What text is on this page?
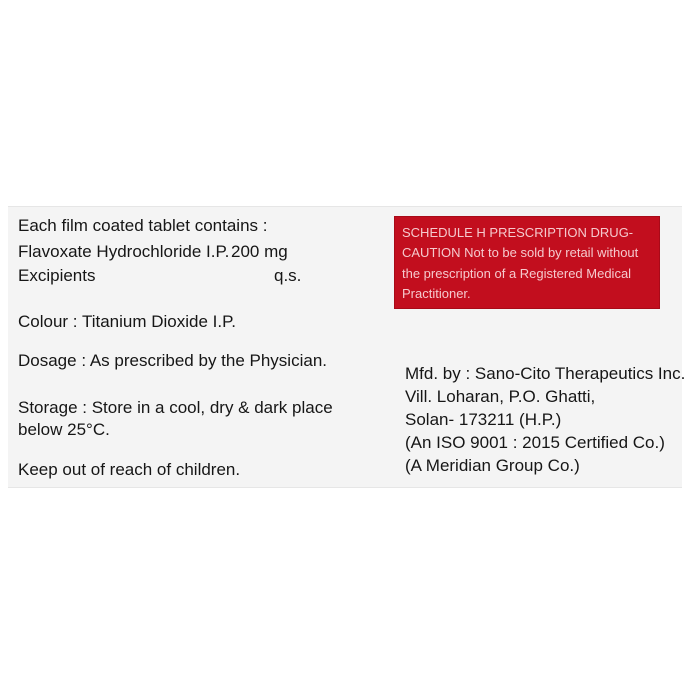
Each film coated tablet contains :
Flavoxate Hydrochloride I.P. 200 mg
Excipients	q.s.
Colour : Titanium Dioxide I.P.
Dosage : As prescribed by the Physician.
Storage : Store in a cool, dry & dark place
below 25°C.
Keep out of reach of children.
SCHEDULE H PRESCRIPTION DRUG-
CAUTION Not to be sold by retail without
the prescription of a Registered Medical
Practitioner.
Mfd. by : Sano-Cito Therapeutics Inc.
Vill. Loharan, P.O. Ghatti,
Solan- 173211 (H.P.)
(An ISO 9001 : 2015 Certified Co.)
(A Meridian Group Co.)
